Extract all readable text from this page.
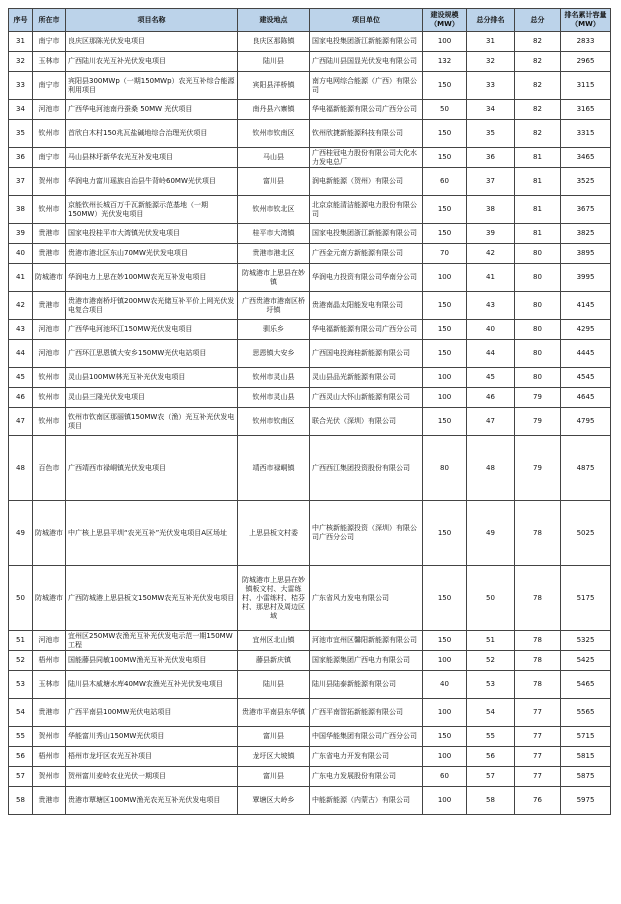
序号	所在市	项目名称	建设地点	项目单位	建设规模（MW）	总分排名	总分	排名累计容量（MW）
31	南宁市	良庆区那陈光伏发电项目	良庆区那陈镇	国家电投集团浙江新能源有限公司	100	31	82	2833
32	玉林市	广西陆川农光互补光伏发电项目	陆川县	广西陆川县国显光伏发电有限公司	132	32	82	2965
33	南宁市	宾阳县300MWp（一期150MWp）农光互补综合能源利用项目	宾阳县洋桥镇	南方电网综合能源（广西）有限公司	150	33	82	3115
34	河池市	广西华电河池南丹蚕桑 50MW 光伏项目	南丹县六寨镇	华电福新能源有限公司广西分公司	50	34	82	3165
35	钦州市	首欣白木村150兆瓦盐碱地综合治理光伏项目	钦州市钦南区	钦州欣捷新能源科技有限公司	150	35	82	3315
36	南宁市	马山县林圩新华农光互补发电项目	马山县	广西桂冠电力股份有限公司大化水力发电总厂	150	36	81	3465
37	贺州市	华润电力富川瑶族自治县牛背岭60MW光伏项目	富川县	润电新能源（贺州）有限公司	60	37	81	3525
38	钦州市	京能钦州长城百万千瓦新能源示范基地（一期150MW）光伏发电项目	钦州市钦北区	北京京能清洁能源电力股份有限公司	150	38	81	3675
39	贵港市	国家电投桂平市大湾镇光伏发电项目	桂平市大湾镇	国家电投集团浙江新能源有限公司	150	39	81	3825
40	贵港市	贵港市港北区东山70MW光伏发电项目	贵港市港北区	广西金元南方新能源有限公司	70	42	80	3895
41	防城港市	华润电力上思在妙100MW农光互补发电项目	防城港市上思县在妙镇	华润电力投资有限公司华南分公司	100	41	80	3995
42	贵港市	贵港市港南桥圩镇200MW农光储互补平价上网光伏发电复合项目	广西贵港市港南区桥圩镇	贵港南晶太阳能发电有限公司	150	43	80	4145
43	河池市	广西华电河池环江150MW光伏发电项目	驯乐乡	华电福新能源有限公司广西分公司	150	40	80	4295
44	河池市	广西环江思恩镇大安乡150MW光伏电站项目	思恩镇大安乡	广西国电投海桂新能源有限公司	150	44	80	4445
45	钦州市	灵山县100MW林光互补光伏发电项目	钦州市灵山县	灵山县品光新能源有限公司	100	45	80	4545
46	钦州市	灵山县三隆光伏发电项目	钦州市灵山县	广西灵山大怀山新能源有限公司	100	46	79	4645
47	钦州市	钦州市钦南区那丽镇150MW农（渔）光互补光伏发电项目	钦州市钦南区	联合光伏（深圳）有限公司	150	47	79	4795
48	百色市	广西靖西市禄峒镇光伏发电项目	靖西市禄峒镇	广西西江集团投资股份有限公司	80	48	79	4875
49	防城港市	中广核上思县平圳“农光互补”光伏发电项目A区场址	上思县板文村委	中广核新能源投资（深圳）有限公司广西分公司	150	49	78	5025
50	防城港市	广西防城港上思县板文150MW农光互补光伏发电项目	防城港市上思县在妙镇板文村、大雷练村、小雷练村、桔芬村、那思村及周边区域	广东省风力发电有限公司	150	50	78	5175
51	河池市	宜州区250MW农渔光互补光伏发电示范一期150MW工程	宜州区北山镇	河池市宜州区馨阳新能源有限公司	150	51	78	5325
52	梧州市	国能藤县同敏100MW渔光互补光伏发电项目	藤县新庆镇	国家能源集团广西电力有限公司	100	52	78	5425
53	玉林市	陆川县木威塘水库40MW农渔光互补光伏发电项目	陆川县	陆川县陆泰新能源有限公司	40	53	78	5465
54	贵港市	广西平南县100MW光伏电站项目	贵港市平南县东华镇	广西平南智拓新能源有限公司	100	54	77	5565
55	贺州市	华能富川秀山150MW光伏项目	富川县	中国华能集团有限公司广西分公司	150	55	77	5715
56	梧州市	梧州市龙圩区农光互补项目	龙圩区大坡镇	广东省电力开发有限公司	100	56	77	5815
57	贺州市	贺州富川麦岭农业光伏一期项目	富川县	广东电力发展股份有限公司	60	57	77	5875
58	贵港市	贵港市覃塘区100MW渔光农光互补光伏发电项目	覃塘区大岭乡	中能新能源（内蒙古）有限公司	100	58	76	5975
